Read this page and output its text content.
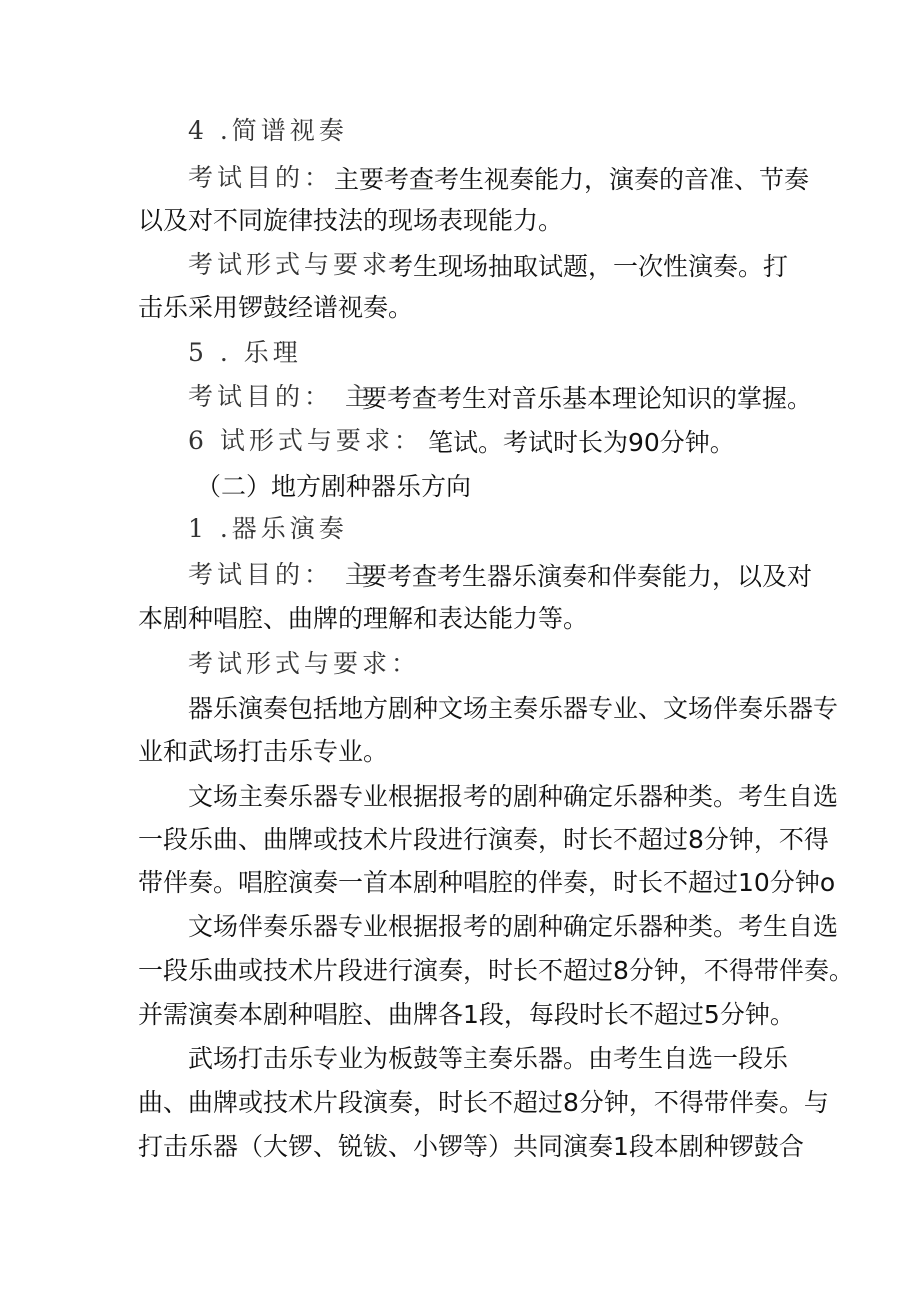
4 .简谱视奏
考试目的： 主要考查考生视奏能力，演奏的音准、节奏
以及对不同旋律技法的现场表现能力。
考试形式与要求：
考生现场抽取试题，一次性演奏。打
击乐采用锣鼓经谱视奏。
5 . 乐理
考试目的： 主
要考查考生对音乐基本理论知识的掌握。
6 试形式与要求： 笔试。考试时长为90分钟。
（二）地方剧种器乐方向
1 .器乐演奏
考试目的： 主
要考查考生器乐演奏和伴奏能力，以及对
本剧种唱腔、曲牌的理解和表达能力等。
考试形式与要求：
器乐演奏包括地方剧种文场主奏乐器专业、文场伴奏乐器专
业和武场打击乐专业。
文场主奏乐器专业根据报考的剧种确定乐器种类。考生自选
一段乐曲、曲牌或技术片段进行演奏，时长不超过8分钟，不得
带伴奏。唱腔演奏一首本剧种唱腔的伴奏，时长不超过10分钟o
文场伴奏乐器专业根据报考的剧种确定乐器种类。考生自选
一段乐曲或技术片段进行演奏，时长不超过8分钟，不得带伴奏。
并需演奏本剧种唱腔、曲牌各1段，每段时长不超过5分钟。
武场打击乐专业为板鼓等主奏乐器。由考生自选一段乐
曲、曲牌或技术片段演奏，时长不超过8分钟，不得带伴奏。与
打击乐器（大锣、锐钹、小锣等）共同演奏1段本剧种锣鼓合
